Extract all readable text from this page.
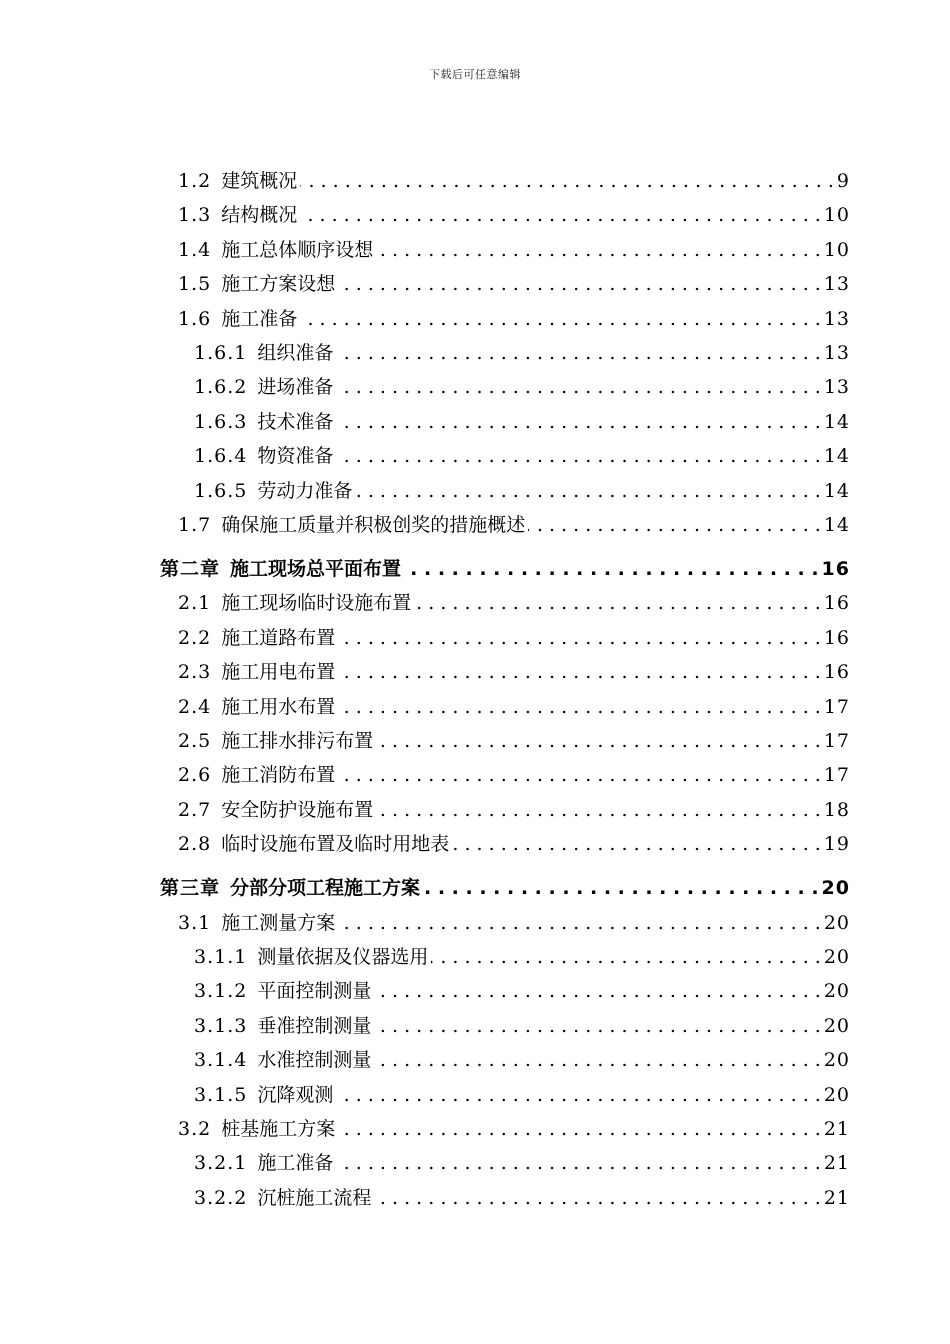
下载后可任意编辑
1.2 建筑概况 . . .	9
1.3 结构概况 . . .	10
1.4 施工总体顺序设想 . . .	10
1.5 施工方案设想 . . .	13
1.6 施工准备 . . .	13
1.6.1 组织准备 . . .	13
1.6.2 进场准备 . . .	13
1.6.3 技术准备 . . .	14
1.6.4 物资准备 . . .	14
1.6.5 劳动力准备 . . .	14
1.7 确保施工质量并积极创奖的措施概述 . . .	14
第二章 施工现场总平面布置 . . .	16
2.1 施工现场临时设施布置 . . .	16
2.2 施工道路布置 . . .	16
2.3 施工用电布置 . . .	16
2.4 施工用水布置 . . .	17
2.5 施工排水排污布置 . . .	17
2.6 施工消防布置 . . .	17
2.7 安全防护设施布置 . . .	18
2.8 临时设施布置及临时用地表 . . .	19
第三章 分部分项工程施工方案 . . .	20
3.1 施工测量方案 . . .	20
3.1.1 测量依据及仪器选用 . . .	20
3.1.2 平面控制测量 . . .	20
3.1.3 垂准控制测量 . . .	20
3.1.4 水准控制测量 . . .	20
3.1.5 沉降观测 . . .	20
3.2 桩基施工方案 . . .	21
3.2.1 施工准备 . . .	21
3.2.2 沉桩施工流程 . . .	21
